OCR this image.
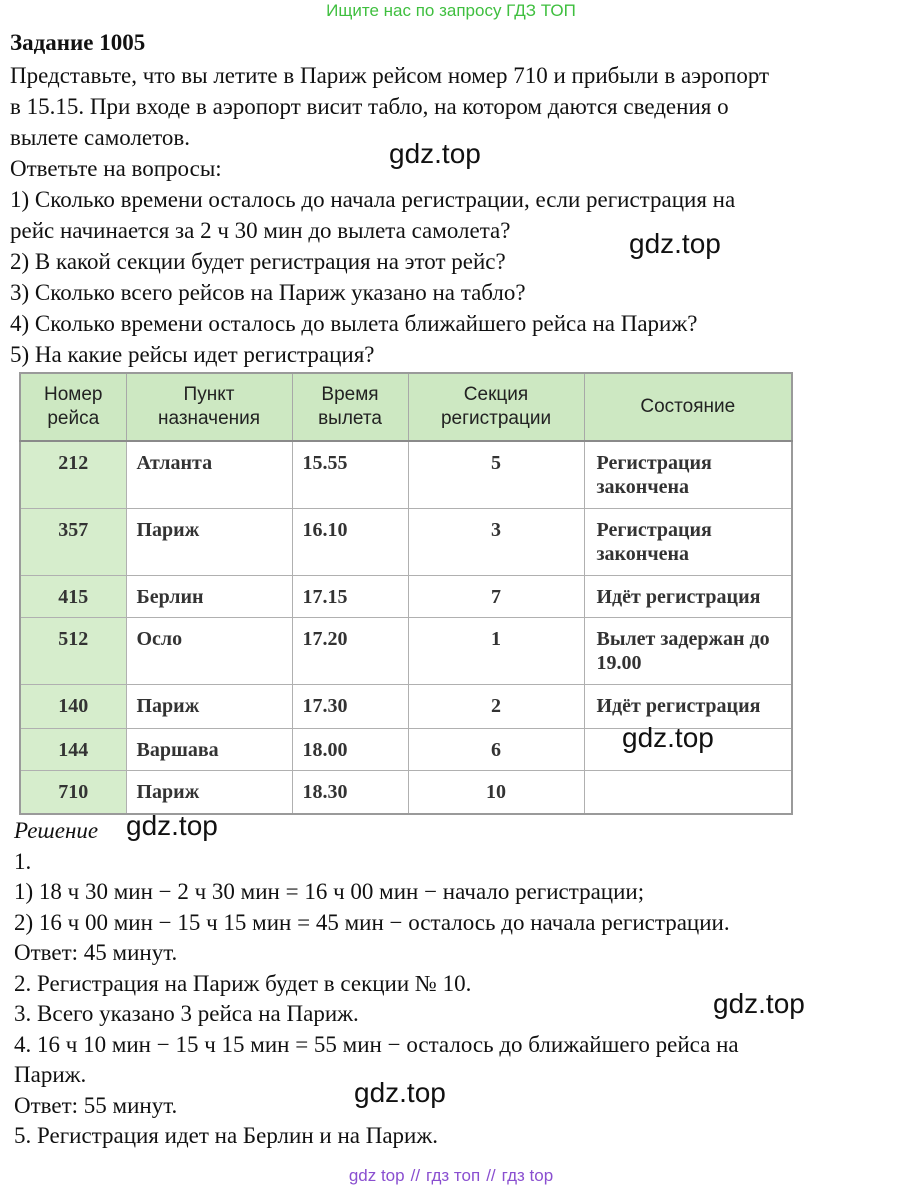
Ищите нас по запросу ГДЗ ТОП
Задание 1005

Представьте, что вы летите в Париж рейсом номер 710 и прибыли в аэропорт

в 15.15. При входе в аэропорт висит табло, на котором даются сведения о

вылете самолетов.

Ответьте на вопросы:

1) Сколько времени осталось до начала регистрации, если регистрация на

рейс начинается за 2 ч 30 мин до вылета самолета?

2) В какой секции будет регистрация на этот рейс?

3) Сколько всего рейсов на Париж указано на табло?

4) Сколько времени осталось до вылета ближайшего рейса на Париж?

5) На какие рейсы идет регистрация?

gdz.top
gdz.top
Номер рейса	Пункт назначения	Время вылета	Секция регистрации	Состояние
212	Атланта	15.55	5	Регистрация закончена
357	Париж	16.10	3	Регистрация закончена
415	Берлин	17.15	7	Идёт регистрация
512	Осло	17.20	1	Вылет задержан до 19.00
140	Париж	17.30	2	Идёт регистрация
144	Варшава	18.00	6	
710	Париж	18.30	10	
gdz.top
gdz.top

Решение

1.

1) 18 ч 30 мин − 2 ч 30 мин = 16 ч 00 мин − начало регистрации;

2) 16 ч 00 мин − 15 ч 15 мин = 45 мин − осталось до начала регистрации.

Ответ: 45 минут.

2. Регистрация на Париж будет в секции № 10.

3. Всего указано 3 рейса на Париж.

4. 16 ч 10 мин − 15 ч 15 мин = 55 мин − осталось до ближайшего рейса на

Париж.

Ответ: 55 минут.

5. Регистрация идет на Берлин и на Париж.

gdz.top
gdz.top
gdz top // гдз топ // гдз top
